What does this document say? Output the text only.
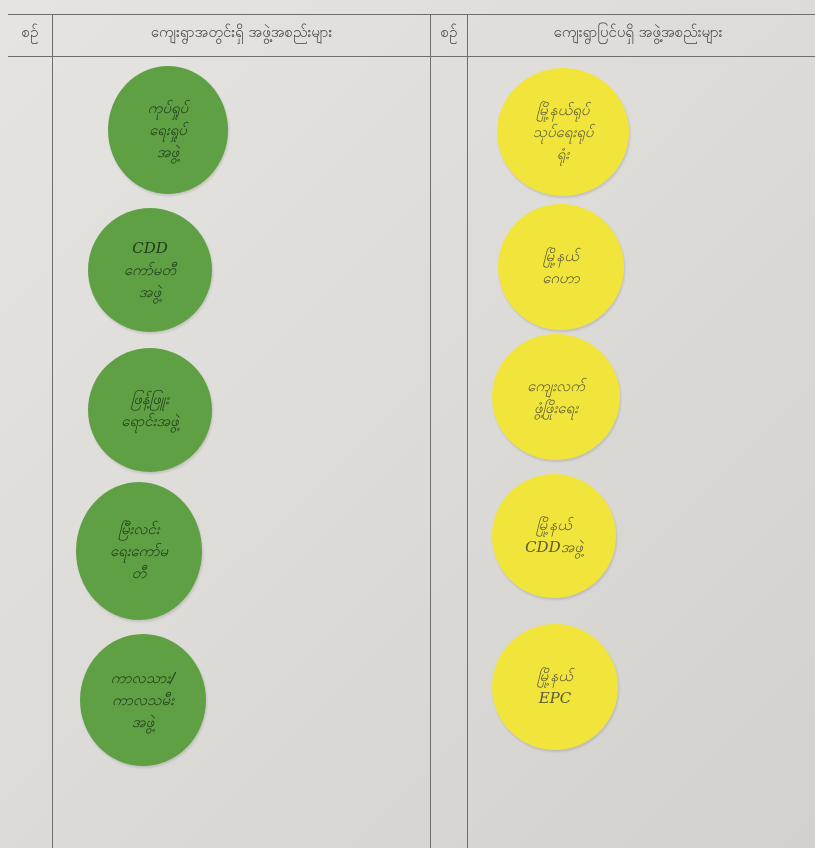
စဉ်	ကျေးရွာအတွင်းရှိ အဖွဲ့အစည်းများ	စဉ်	ကျေးရွာပြင်ပရှိ အဖွဲ့အစည်းများ
ကုပ်ရှုပ်
ရေးရှုပ်
အဖွဲ့
CDD
ကော်မတီ
အဖွဲ့
ဖြန့်ဖြူး
ရောင်းအဖွဲ့
မြီးလင်း
ရေးကော်မ
တီ
ကာလသား/
ကာလသမီး
အဖွဲ့
မြို့နယ်ရုပ်
သုပ်ရေးရုပ်
ရုံး
မြို့နယ်
ဂေဟာ
ကျေးလက်
ဖွံ့ဖြိုးရေး
မြို့နယ်
CDDအဖွဲ့
မြို့နယ်
EPC
